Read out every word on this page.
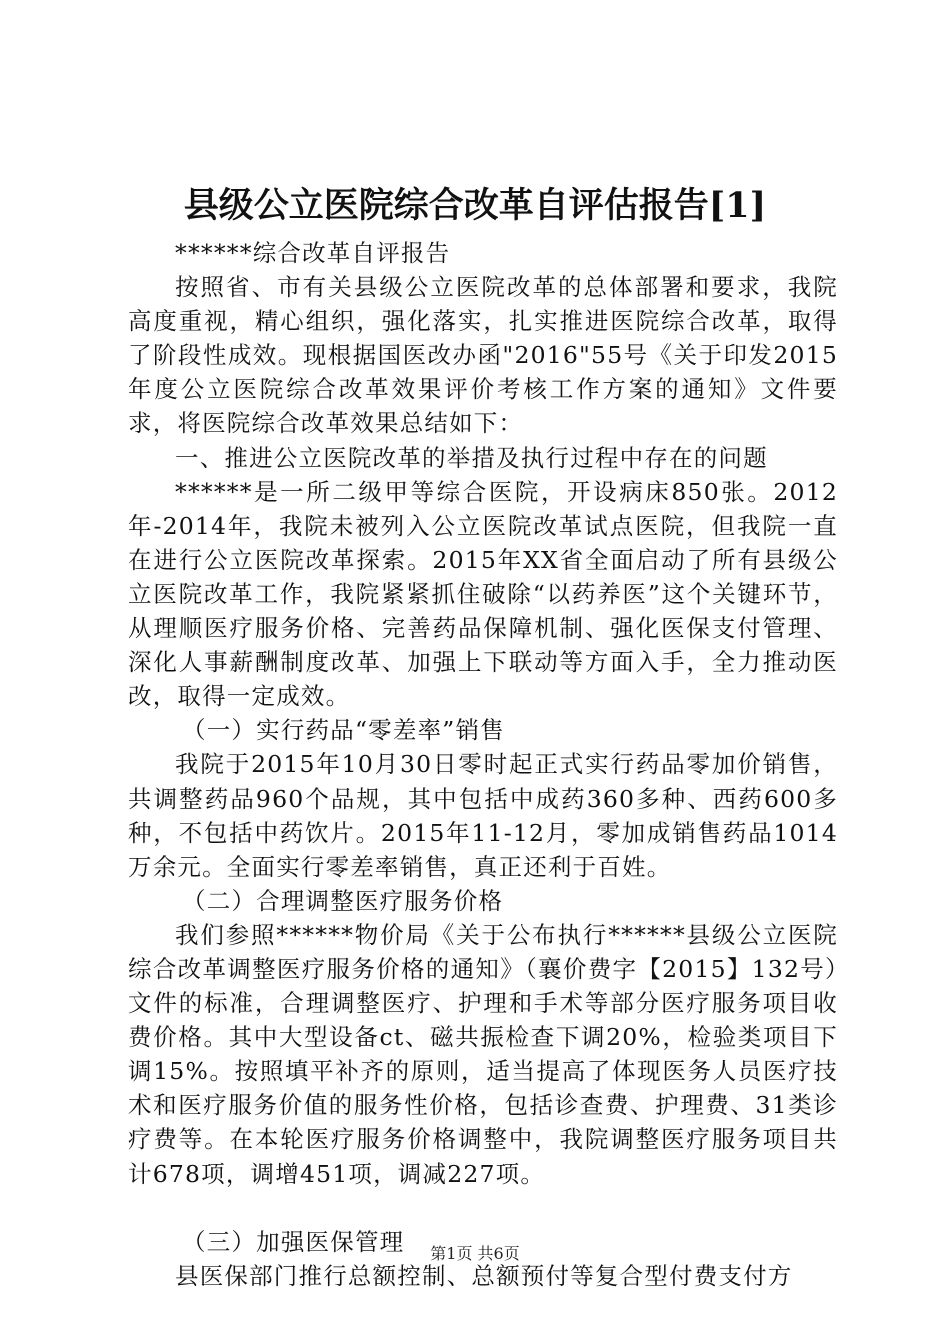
县级公立医院综合改革自评估报告[1]

******综合改革自评报告

按照省、市有关县级公立医院改革的总体部署和要求，我院高度重视，精心组织，强化落实，扎实推进医院综合改革，取得了阶段性成效。现根据国医改办函"2016"55号《关于印发2015年度公立医院综合改革效果评价考核工作方案的通知》文件要求，将医院综合改革效果总结如下：

一、推进公立医院改革的举措及执行过程中存在的问题

******是一所二级甲等综合医院，开设病床850张。2012年-2014年，我院未被列入公立医院改革试点医院，但我院一直在进行公立医院改革探索。2015年XX省全面启动了所有县级公立医院改革工作，我院紧紧抓住破除“以药养医”这个关键环节，从理顺医疗服务价格、完善药品保障机制、强化医保支付管理、深化人事薪酬制度改革、加强上下联动等方面入手，全力推动医改，取得一定成效。

（一）实行药品“零差率”销售

我院于2015年10月30日零时起正式实行药品零加价销售，共调整药品960个品规，其中包括中成药360多种、西药600多种，不包括中药饮片。2015年11-12月，零加成销售药品1014万余元。全面实行零差率销售，真正还利于百姓。

（二）合理调整医疗服务价格

我们参照******物价局《关于公布执行******县级公立医院综合改革调整医疗服务价格的通知》（襄价费字【2015】132号）文件的标准，合理调整医疗、护理和手术等部分医疗服务项目收费价格。其中大型设备ct、磁共振检查下调20%，检验类项目下调15%。按照填平补齐的原则，适当提高了体现医务人员医疗技术和医疗服务价值的服务性价格，包括诊查费、护理费、31类诊疗费等。在本轮医疗服务价格调整中，我院调整医疗服务项目共计678项，调增451项，调减227项。

（三）加强医保管理

县医保部门推行总额控制、总额预付等复合型付费支付方

第1页 共6页
